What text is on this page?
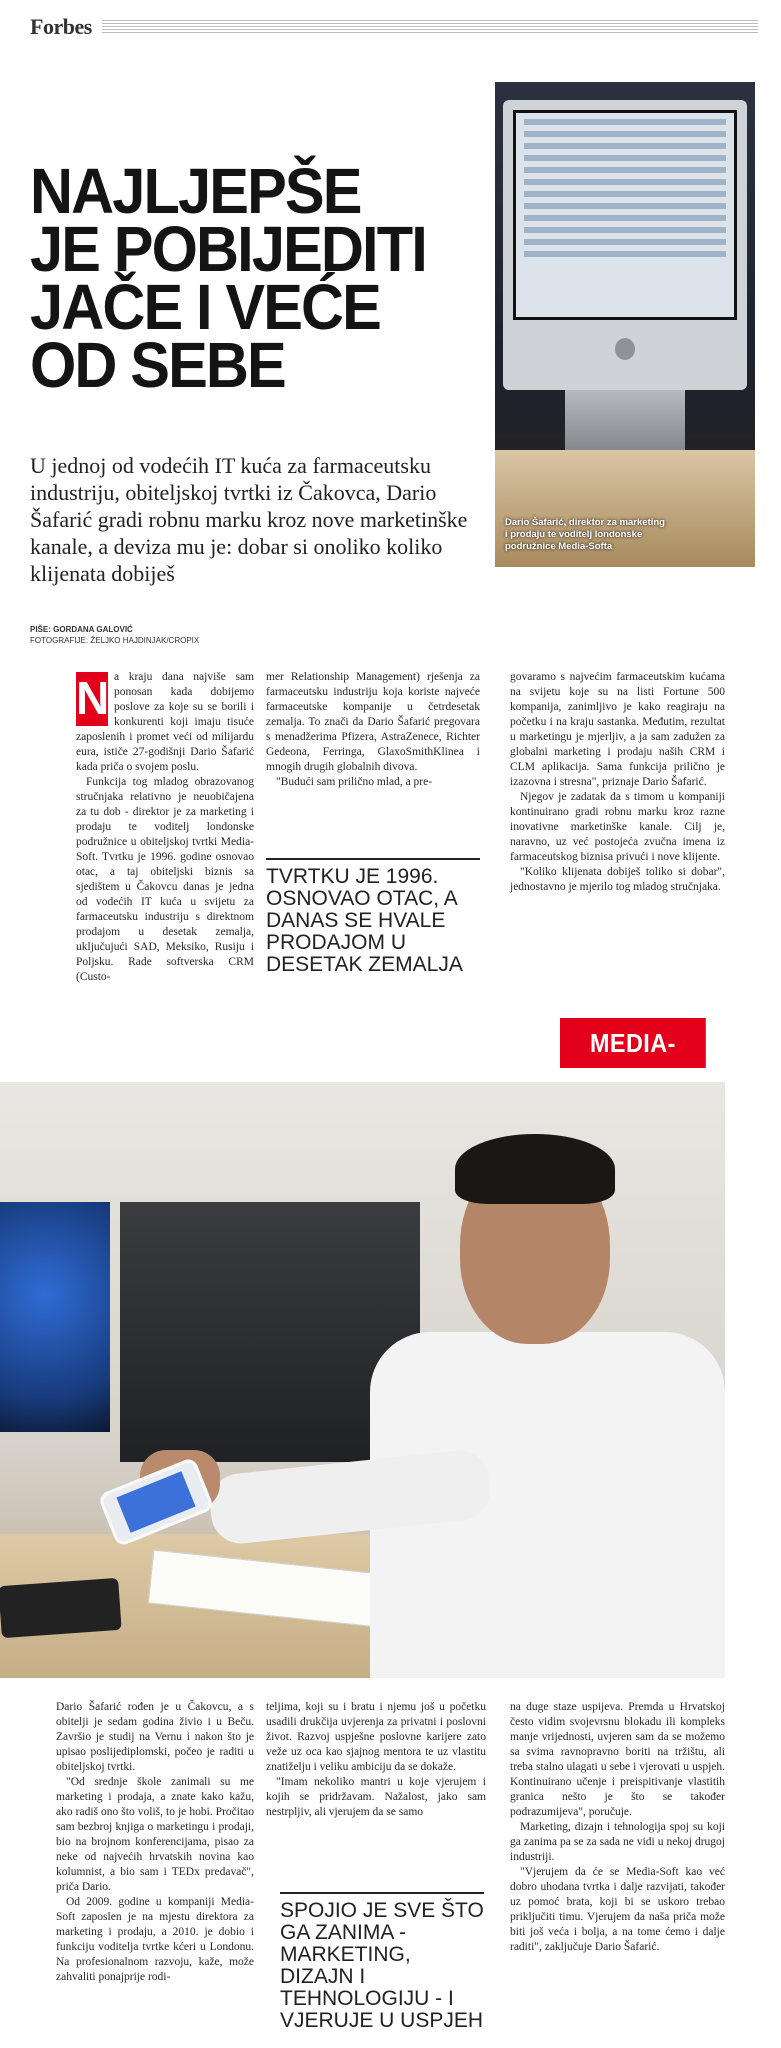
Forbes
NAJLJEPŠE
JE POBIJEDITI
JAČE I VEĆE
OD SEBE

U jednoj od vodećih IT kuća za farmaceutsku industriju, obiteljskoj tvrtki iz Čakovca, Dario Šafarić gradi robnu marku kroz nove marketinške kanale, a deviza mu je: dobar si onoliko koliko klijenata dobiješ

PIŠE: GORDANA GALOVIĆ
FOTOGRAFIJE: ŽELJKO HAJDINJAK/CROPIX
Dario Šafarić, direktor za marketing i prodaju te voditelj londonske podružnice Media-Softa

N a kraju dana najviše sam ponosan kada dobijemo poslove za koje su se borili i konkurenti koji imaju tisuće zaposlenih i promet veći od milijardu eura, ističe 27-godišnji Dario Šafarić kada priča o svojem poslu.

Funkcija tog mladog obrazovanog stručnjaka relativno je neuobičajena za tu dob - direktor je za marketing i prodaju te voditelj londonske podružnice u obiteljskoj tvrtki Media-Soft. Tvrtku je 1996. godine osnovao otac, a taj obiteljski biznis sa sjedištem u Čakovcu danas je jedna od vodećih IT kuća u svijetu za farmaceutsku industriju s direktnom prodajom u desetak zemalja, uključujući SAD, Meksiko, Rusiju i Poljsku. Rade softverska CRM (Custo-

mer Relationship Management) rješenja za farmaceutsku industriju koja koriste najveće farmaceutske kompanije u četrdesetak zemalja. To znači da Dario Šafarić pregovara s menadžerima Pfizera, AstraZenece, Richter Gedeona, Ferringa, GlaxoSmithKlinea i mnogih drugih globalnih divova.

"Budući sam prilično mlad, a pre-

TVRTKU JE 1996. OSNOVAO OTAC, A DANAS SE HVALE PRODAJOM U DESETAK ZEMALJA

govaramo s najvećim farmaceutskim kućama na svijetu koje su na listi Fortune 500 kompanija, zanimljivo je kako reagiraju na početku i na kraju sastanka. Međutim, rezultat u marketingu je mjerljiv, a ja sam zadužen za globalni marketing i prodaju naših CRM i CLM aplikacija. Sama funkcija prilično je izazovna i stresna", priznaje Dario Šafarić.

Njegov je zadatak da s timom u kompaniji kontinuirano gradi robnu marku kroz razne inovativne marketinške kanale. Cilj je, naravno, uz već postojeća zvučna imena iz farmaceutskog biznisa privući i nove klijente.

"Koliko klijenata dobiješ toliko si dobar", jednostavno je mjerilo tog mladog stručnjaka.

MEDIA-

Dario Šafarić rođen je u Čakovcu, a s obitelji je sedam godina živio i u Beču. Završio je studij na Vernu i nakon što je upisao poslijediplomski, počeo je raditi u obiteljskoj tvrtki.

"Od srednje škole zanimali su me marketing i prodaja, a znate kako kažu, ako radiš ono što voliš, to je hobi. Pročitao sam bezbroj knjiga o marketingu i prodaji, bio na brojnom konferencijama, pisao za neke od najvećih hrvatskih novina kao kolumnist, a bio sam i TEDx predavač", priča Dario.

Od 2009. godine u kompaniji Media-Soft zaposlen je na mjestu direktora za marketing i prodaju, a 2010. je dobio i funkciju voditelja tvrtke kćeri u Londonu. Na profesionalnom razvoju, kaže, može zahvaliti ponajprije rodi-

teljima, koji su i bratu i njemu još u početku usadili drukčija uvjerenja za privatni i poslovni život. Razvoj uspješne poslovne karijere zato veže uz oca kao sjajnog mentora te uz vlastitu znatiželju i veliku ambiciju da se dokaže.

"Imam nekoliko mantri u koje vjerujem i kojih se pridržavam. Nažalost, jako sam nestrpljiv, ali vjerujem da se samo

SPOJIO JE SVE ŠTO GA ZANIMA - MARKETING, DIZAJN I TEHNOLOGIJU - I VJERUJE U USPJEH

na duge staze uspijeva. Premda u Hrvatskoj često vidim svojevrsnu blokadu ili kompleks manje vrijednosti, uvjeren sam da se možemo sa svima ravnopravno boriti na tržištu, ali treba stalno ulagati u sebe i vjerovati u uspjeh. Kontinuirano učenje i preispitivanje vlastitih granica nešto je što se također podrazumijeva", poručuje.

Marketing, dizajn i tehnologija spoj su koji ga zanima pa se za sada ne vidi u nekoj drugoj industriji.

"Vjerujem da će se Media-Soft kao već dobro uhodana tvrtka i dalje razvijati, također uz pomoć brata, koji bi se uskoro trebao priključiti timu. Vjerujem da naša priča može biti još veća i bolja, a na tome ćemo i dalje raditi", zaključuje Dario Šafarić.
